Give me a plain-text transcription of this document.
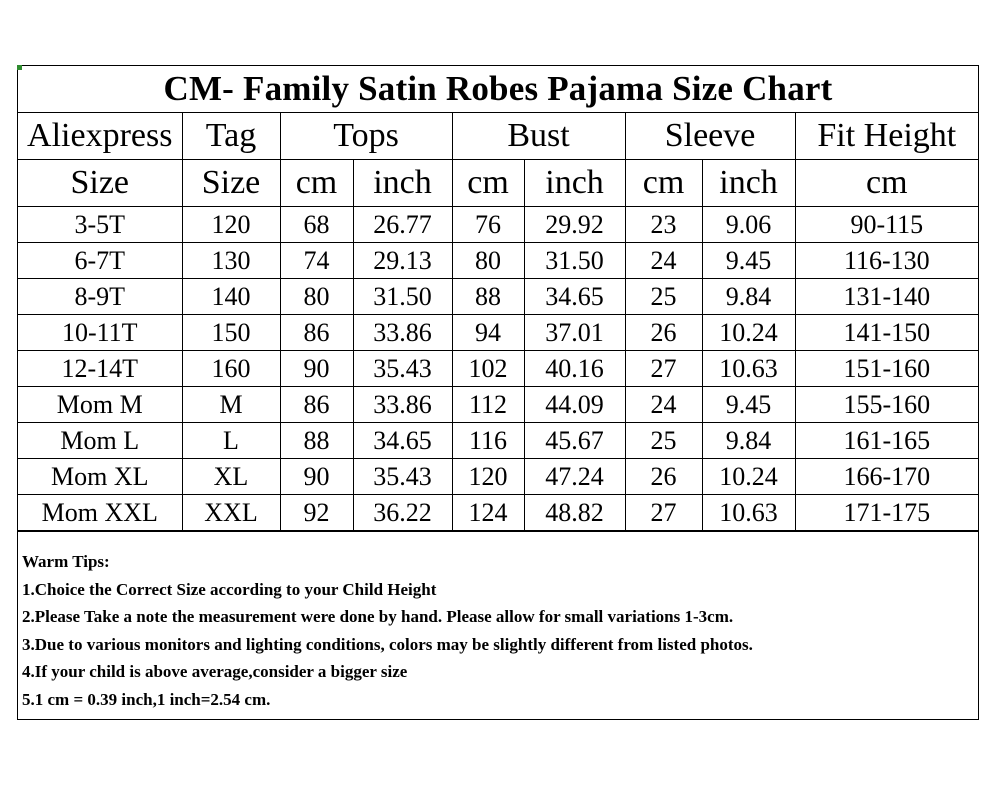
CM- Family Satin Robes Pajama Size Chart
Aliexpress	Tag	Tops		Bust		Sleeve		Fit Height
Size	Size	cm	inch	cm	inch	cm	inch	cm
3-5T	120	68	26.77	76	29.92	23	9.06	90-115
6-7T	130	74	29.13	80	31.50	24	9.45	116-130
8-9T	140	80	31.50	88	34.65	25	9.84	131-140
10-11T	150	86	33.86	94	37.01	26	10.24	141-150
12-14T	160	90	35.43	102	40.16	27	10.63	151-160
Mom M	M	86	33.86	112	44.09	24	9.45	155-160
Mom L	L	88	34.65	116	45.67	25	9.84	161-165
Mom XL	XL	90	35.43	120	47.24	26	10.24	166-170
Mom XXL	XXL	92	36.22	124	48.82	27	10.63	171-175
Warm Tips:
1.Choice the Correct Size according to your Child Height
2.Please Take a note the measurement were done by hand. Please allow for small variations 1-3cm.
3.Due to various monitors and lighting conditions, colors may be slightly different from listed photos.
4.If your child is above average,consider a bigger size
5.1 cm = 0.39 inch,1 inch=2.54 cm.
